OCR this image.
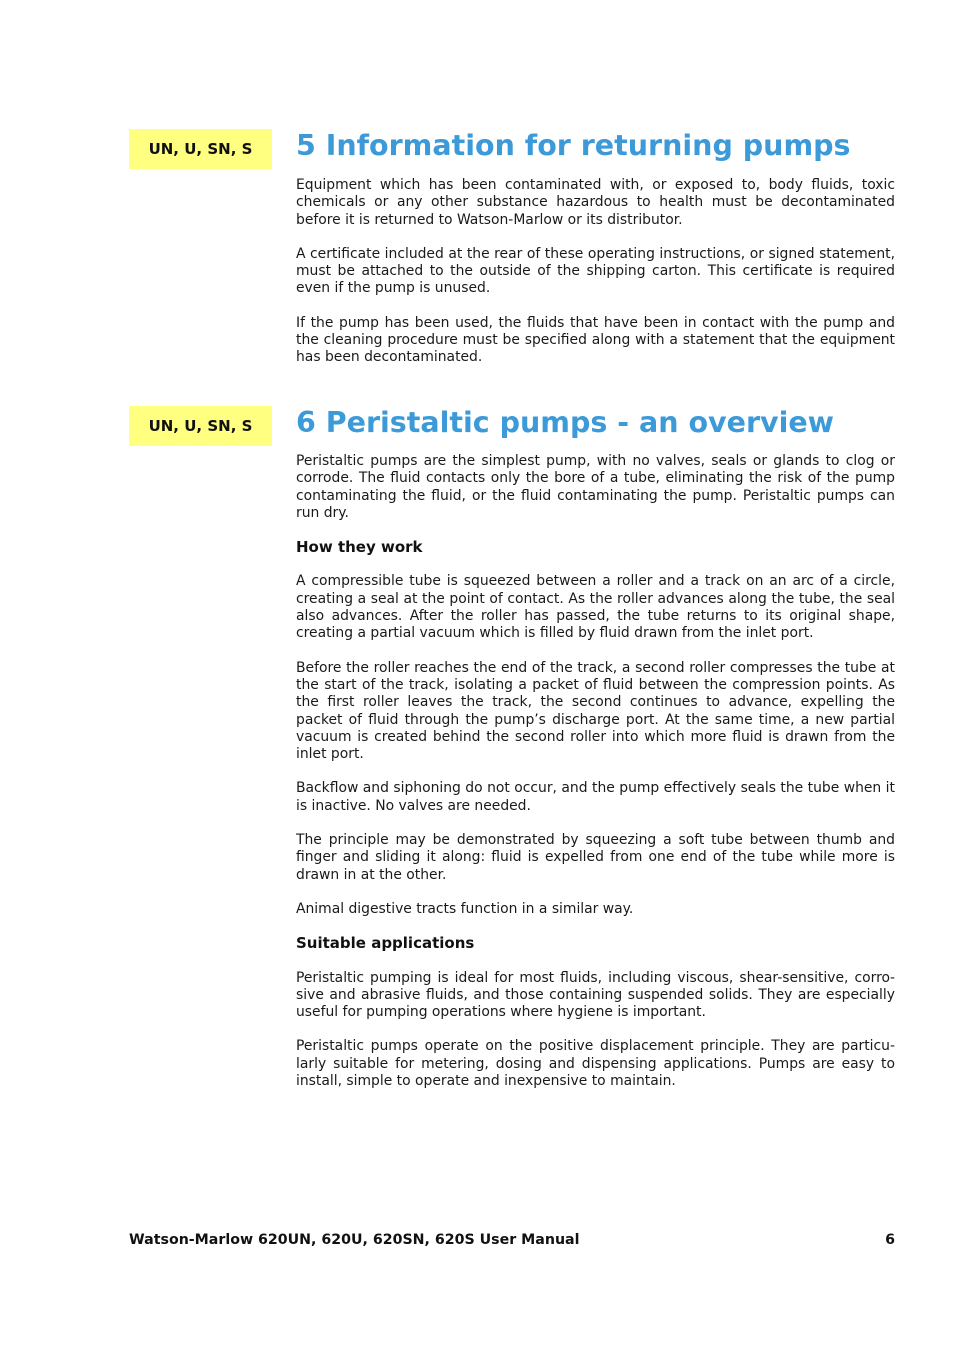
UN, U, SN, S	5 Information for returning pumps

Equipment which has been contaminated with, or exposed to, body fluids, toxic chemicals or any other substance hazardous to health must be decontaminated before it is returned to Watson-Marlow or its distributor.

A certificate included at the rear of these operating instructions, or signed statement, must be attached to the outside of the shipping carton. This certificate is required even if the pump is unused.

If the pump has been used, the fluids that have been in contact with the pump and the cleaning procedure must be specified along with a statement that the equipment has been decontaminated.

UN, U, SN, S	6 Peristaltic pumps - an overview

Peristaltic pumps are the simplest pump, with no valves, seals or glands to clog or corrode. The fluid contacts only the bore of a tube, eliminating the risk of the pump contaminating the fluid, or the fluid contaminating the pump. Peristaltic pumps can run dry.

How they work

A compressible tube is squeezed between a roller and a track on an arc of a circle, creating a seal at the point of contact. As the roller advances along the tube, the seal also advances. After the roller has passed, the tube returns to its original shape, creating a partial vacuum which is filled by fluid drawn from the inlet port.

Before the roller reaches the end of the track, a second roller compresses the tube at the start of the track, isolating a packet of fluid between the compression points. As the first roller leaves the track, the second continues to advance, expelling the packet of fluid through the pump’s discharge port. At the same time, a new partial vacuum is created behind the second roller into which more fluid is drawn from the inlet port.

Backflow and siphoning do not occur, and the pump effectively seals the tube when it is inactive. No valves are needed.

The principle may be demonstrated by squeezing a soft tube between thumb and finger and sliding it along: fluid is expelled from one end of the tube while more is drawn in at the other.

Animal digestive tracts function in a similar way.

Suitable applications

Peristaltic pumping is ideal for most fluids, including viscous, shear-sensitive, corrosive and abrasive fluids, and those containing suspended solids. They are especially useful for pumping operations where hygiene is important.

Peristaltic pumps operate on the positive displacement principle. They are particularly suitable for metering, dosing and dispensing applications. Pumps are easy to install, simple to operate and inexpensive to maintain.

Watson-Marlow 620UN, 620U, 620SN, 620S User Manual	6
